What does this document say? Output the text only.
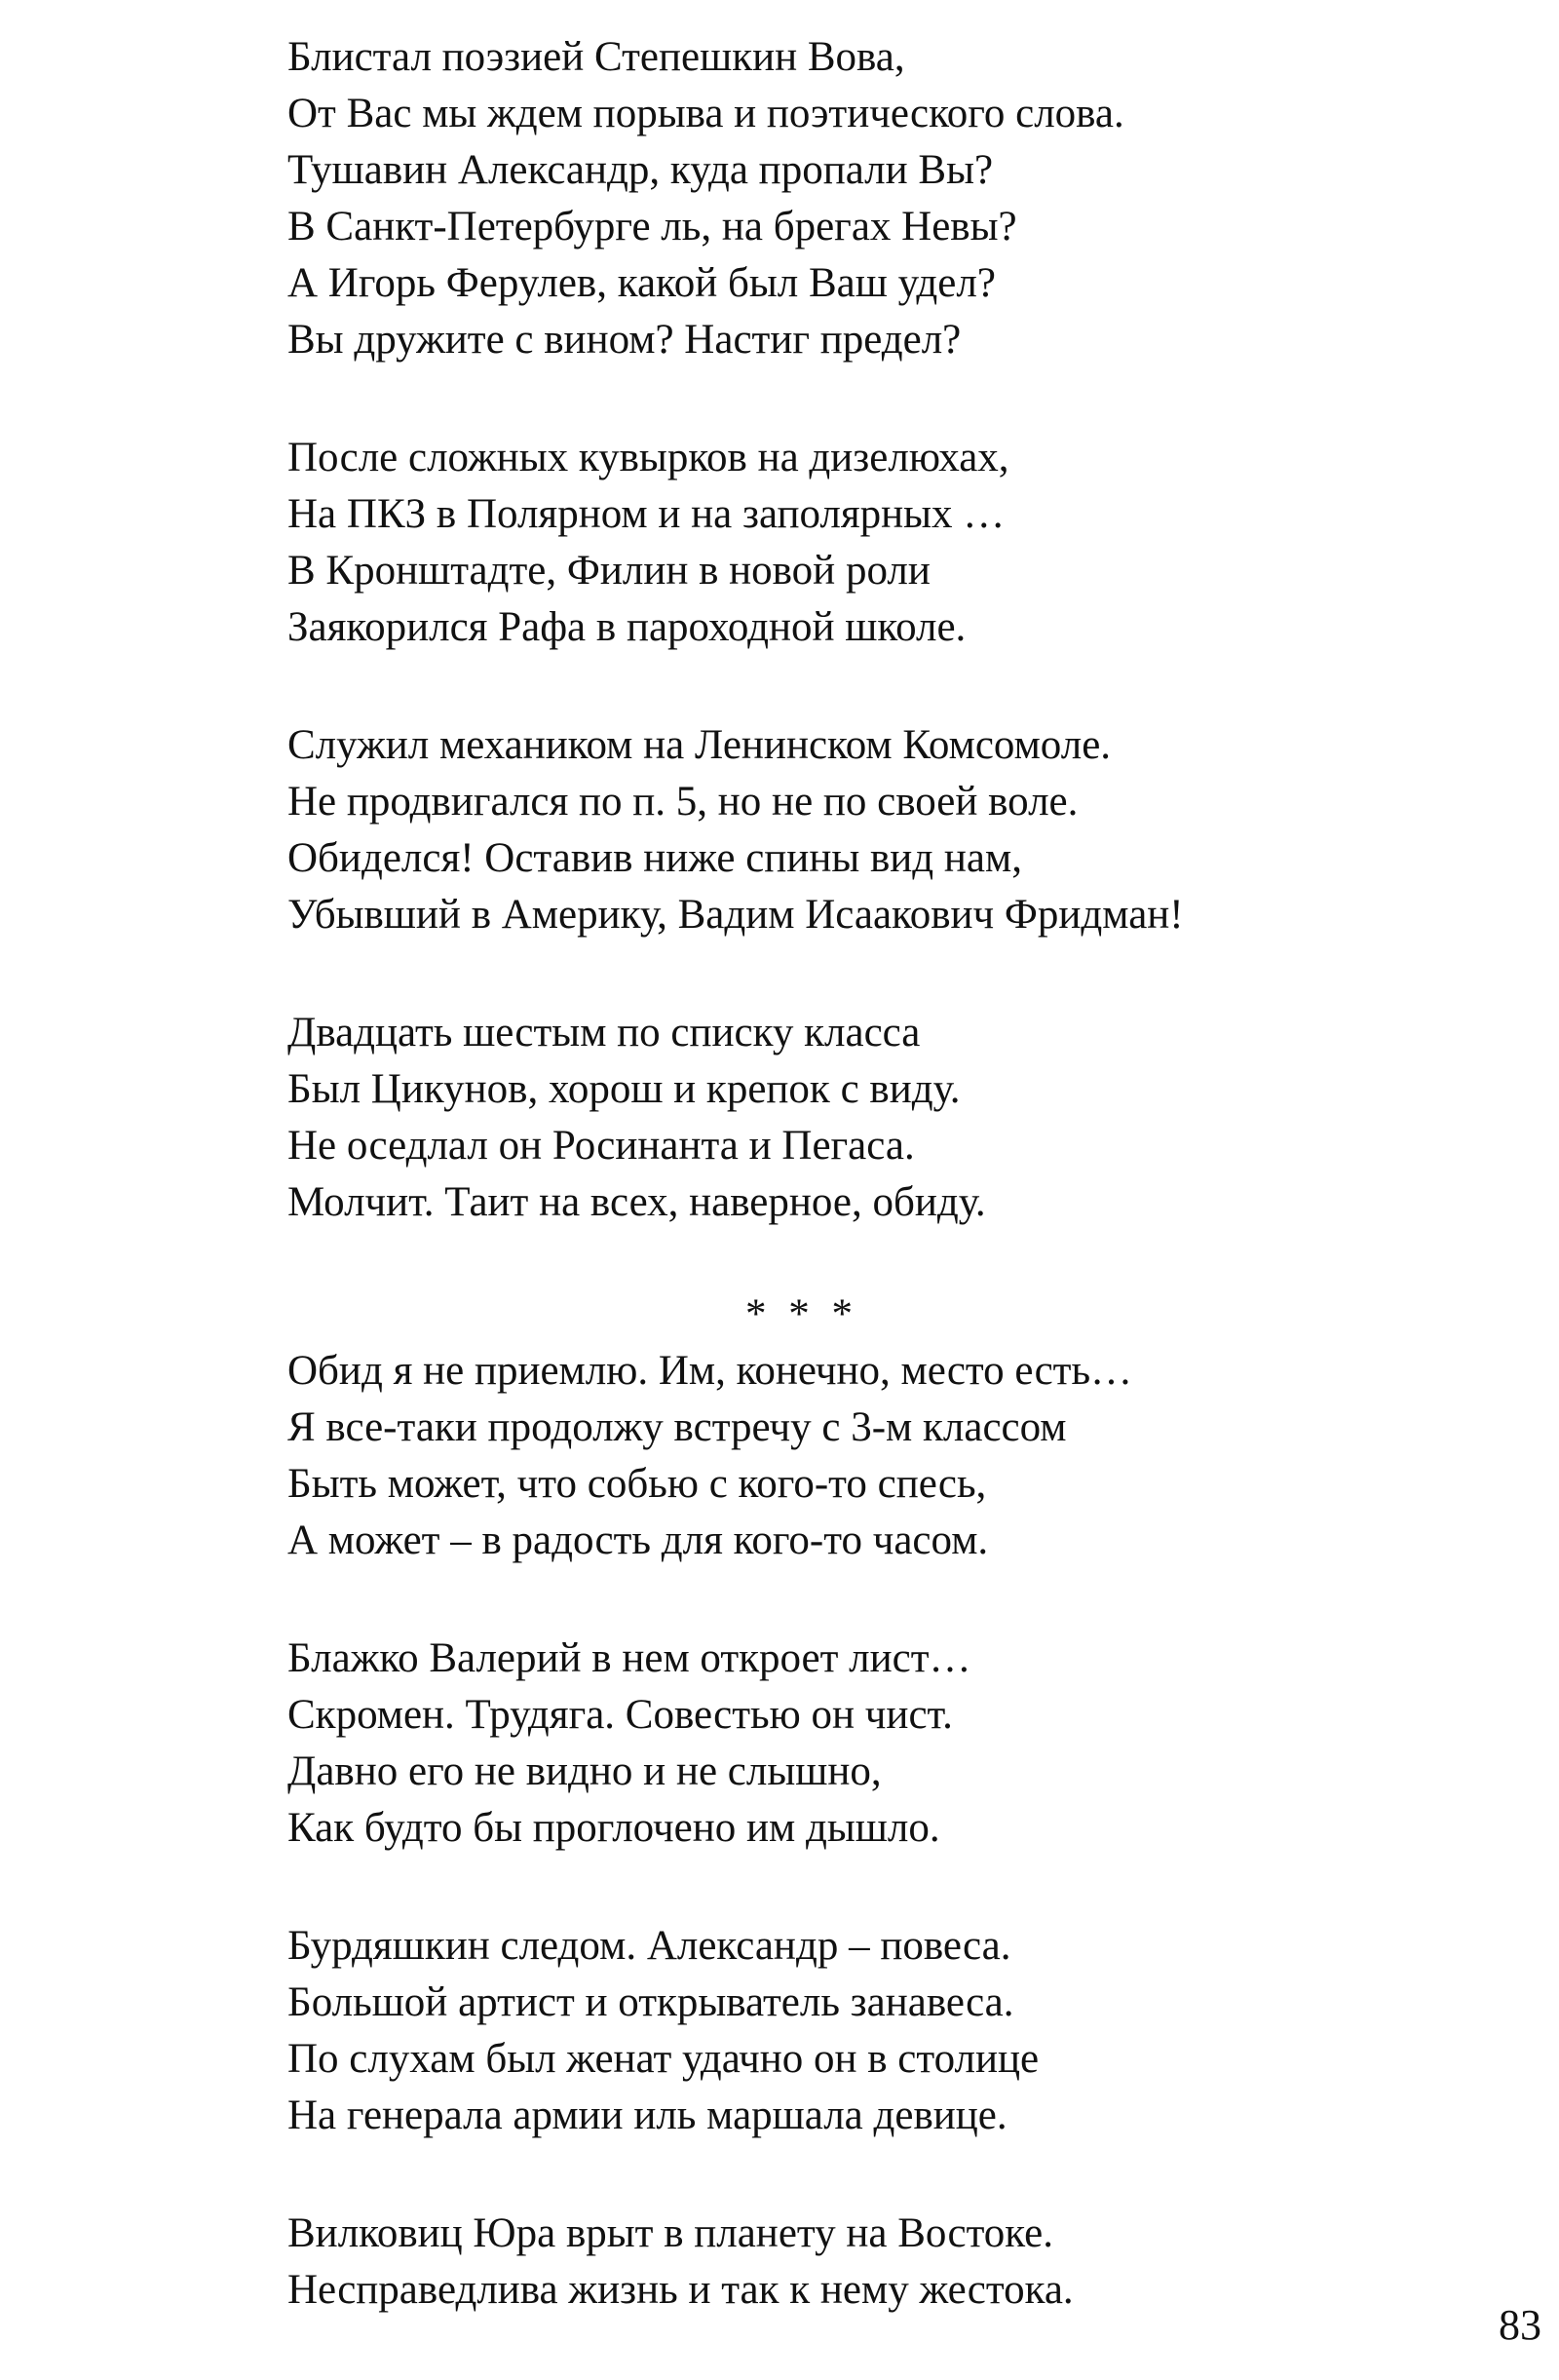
Блистал поэзией Степешкин Вова,
От Вас мы ждем порыва и поэтического слова.
Тушавин Александр, куда пропали Вы?
В Санкт-Петербурге ль, на брегах Невы?
А Игорь Ферулев, какой был Ваш удел?
Вы дружите с вином? Настиг предел?
После сложных кувырков на дизелюхах,
На ПКЗ в Полярном и на заполярных …
В Кронштадте, Филин в новой роли
Заякорился Рафа в пароходной школе.
Служил механиком на Ленинском Комсомоле.
Не продвигался по п. 5, но не по своей воле.
Обиделся! Оставив ниже спины вид нам,
Убывший в Америку, Вадим Исаакович Фридман!
Двадцать шестым по списку класса
Был Цикунов, хорош и крепок с виду.
Не оседлал он Росинанта и Пегаса.
Молчит. Таит на всех, наверное, обиду.
* * *
Обид я не приемлю. Им, конечно, место есть…
Я все-таки продолжу встречу с 3-м классом
Быть может, что собью с кого-то спесь,
А может – в радость для кого-то часом.
Блажко Валерий в нем откроет лист…
Скромен. Трудяга. Совестью он чист.
Давно его не видно и не слышно,
Как будто бы проглочено им дышло.
Бурдяшкин следом. Александр – повеса.
Большой артист и открыватель занавеса.
По слухам был женат удачно он в столице
На генерала армии иль маршала девице.
Вилковиц Юра врыт в планету на Востоке.
Несправедлива жизнь и так к нему жестока.
83
